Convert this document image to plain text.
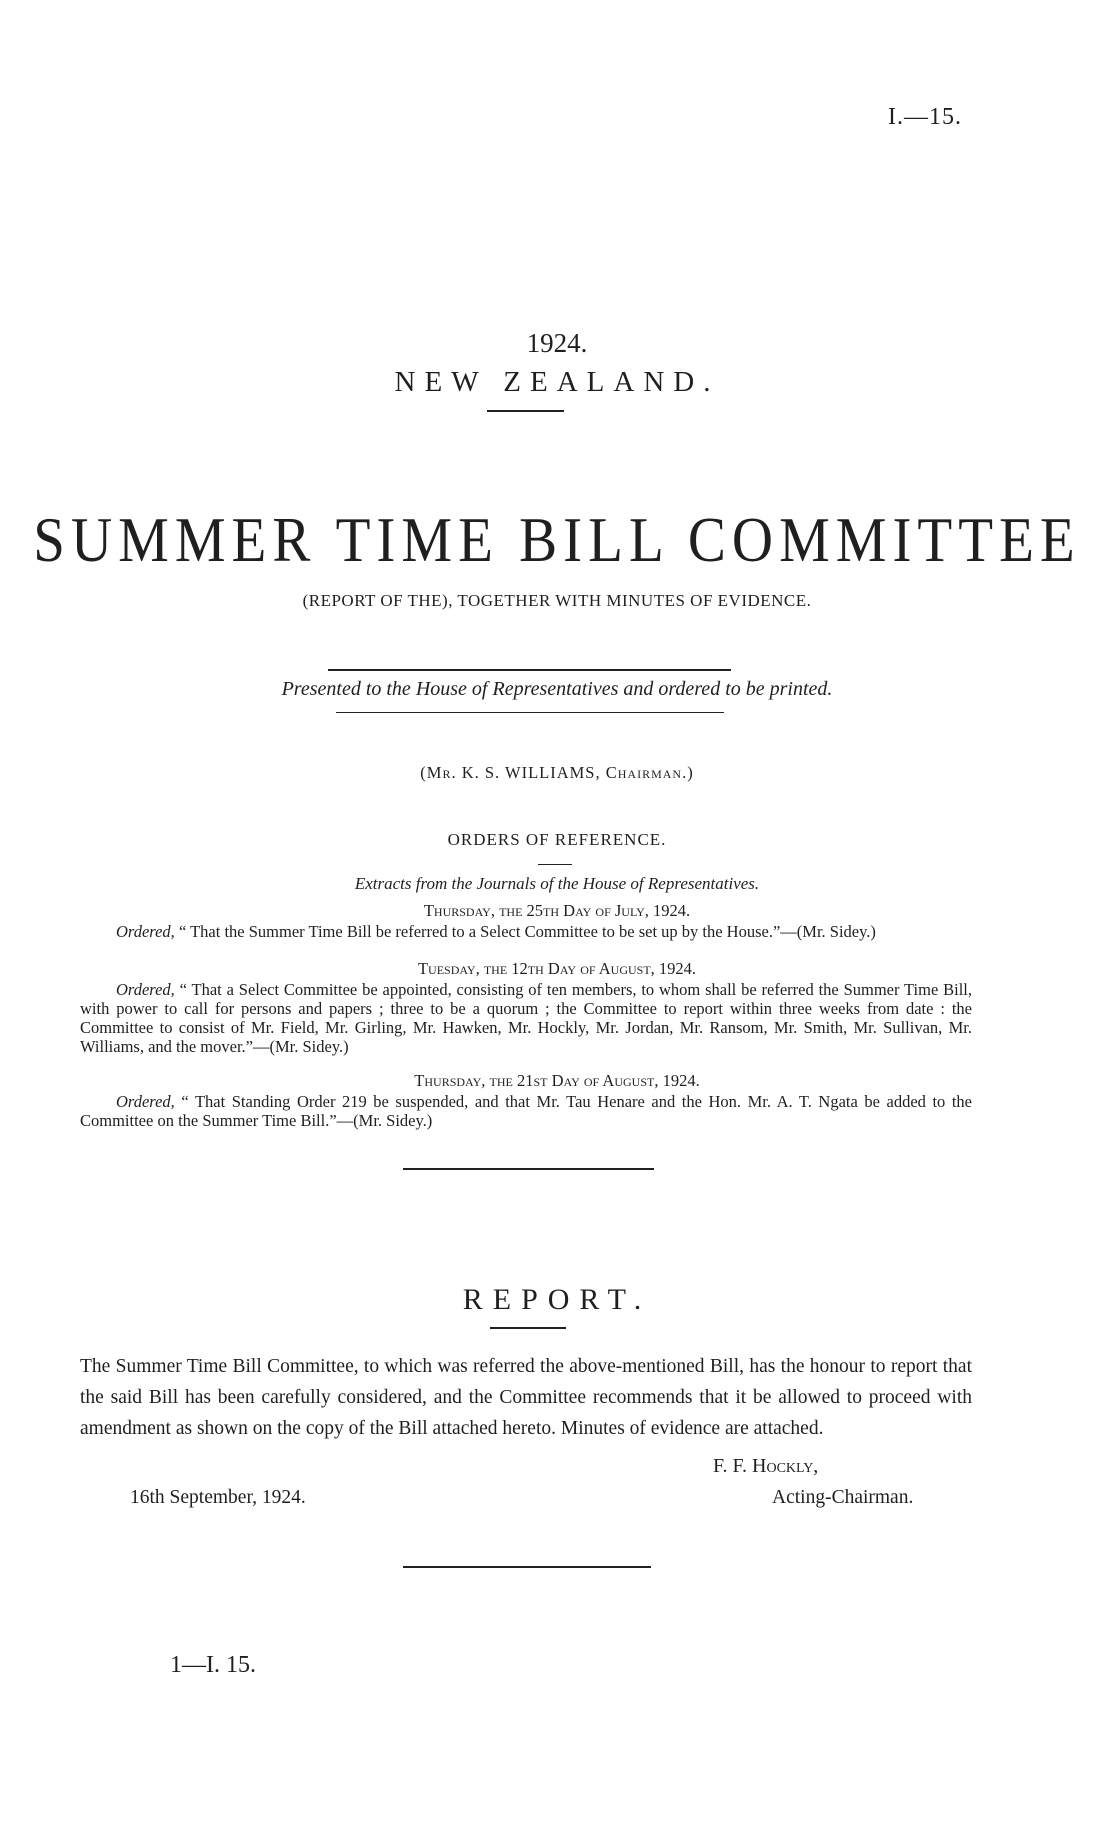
I.—15.
1924.
NEW ZEALAND.
SUMMER TIME BILL COMMITTEE
(REPORT OF THE), TOGETHER WITH MINUTES OF EVIDENCE.
Presented to the House of Representatives and ordered to be printed.
(Mr. K. S. WILLIAMS, Chairman.)
ORDERS OF REFERENCE.
Extracts from the Journals of the House of Representatives.
Thursday, the 25th Day of July, 1924.
Ordered, “ That the Summer Time Bill be referred to a Select Committee to be set up by the House.”—(Mr. Sidey.)
Tuesday, the 12th Day of August, 1924.
Ordered, “ That a Select Committee be appointed, consisting of ten members, to whom shall be referred the Summer Time Bill, with power to call for persons and papers ; three to be a quorum ; the Committee to report within three weeks from date : the Committee to consist of Mr. Field, Mr. Girling, Mr. Hawken, Mr. Hockly, Mr. Jordan, Mr. Ransom, Mr. Smith, Mr. Sullivan, Mr. Williams, and the mover.”—(Mr. Sidey.)
Thursday, the 21st Day of August, 1924.
Ordered, “ That Standing Order 219 be suspended, and that Mr. Tau Henare and the Hon. Mr. A. T. Ngata be added to the Committee on the Summer Time Bill.”—(Mr. Sidey.)
REPORT.
The Summer Time Bill Committee, to which was referred the above-mentioned Bill, has the honour to report that the said Bill has been carefully considered, and the Committee recommends that it be allowed to proceed with amendment as shown on the copy of the Bill attached hereto. Minutes of evidence are attached.
F. F. Hockly,
16th September, 1924.	Acting-Chairman.
1—I. 15.
